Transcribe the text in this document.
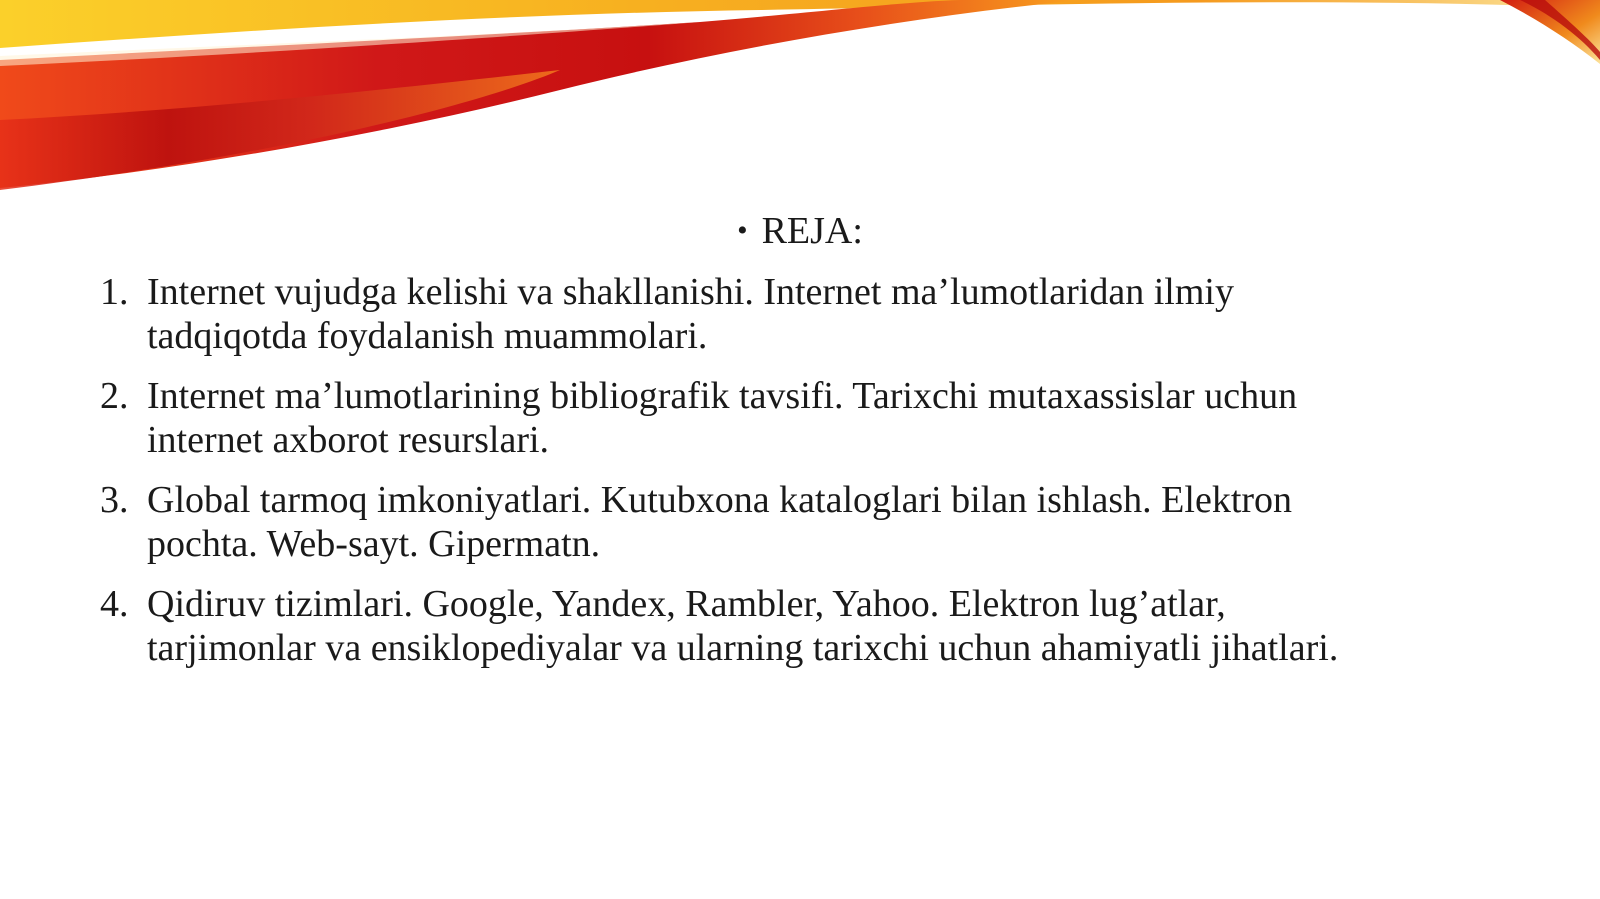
• REJA:
1. Internet vujudga kelishi va shakllanishi. Internet ma’lumotlaridan ilmiy
tadqiqotda foydalanish muammolari.
2. Internet ma’lumotlarining bibliografik tavsifi. Tarixchi mutaxassislar uchun
internet axborot resurslari.
3. Global tarmoq imkoniyatlari. Kutubxona kataloglari bilan ishlash. Elektron
pochta. Web-sayt. Gipermatn.
4. Qidiruv tizimlari. Google, Yandex, Rambler, Yahoo. Elektron lug’atlar,
tarjimonlar va ensiklopediyalar va ularning tarixchi uchun ahamiyatli jihatlari.
